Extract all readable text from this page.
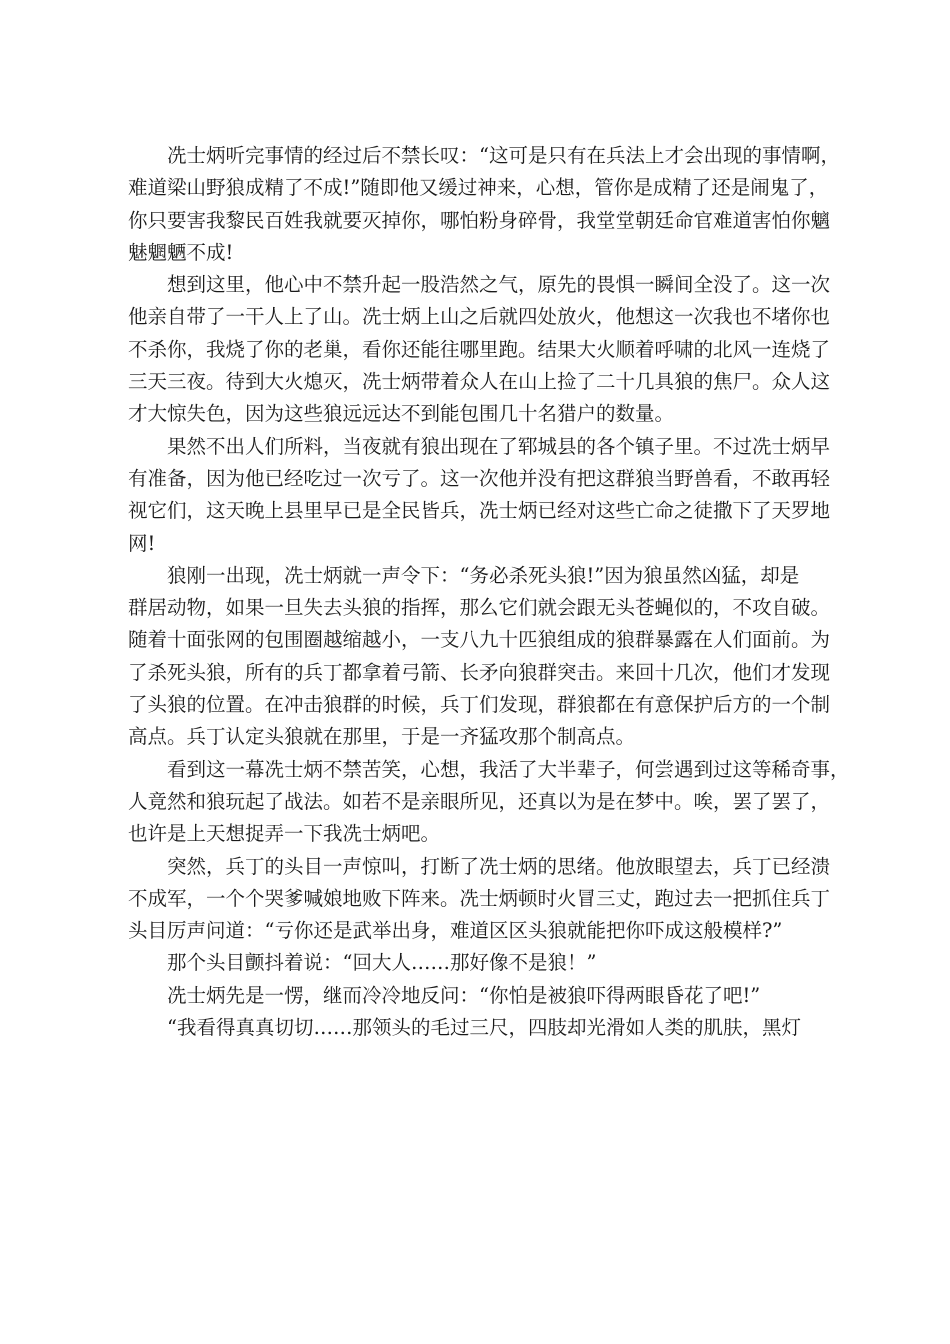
冼士炳听完事情的经过后不禁长叹：“这可是只有在兵法上才会出现的事情啊，
难道梁山野狼成精了不成!”随即他又缓过神来，心想，管你是成精了还是闹鬼了，
你只要害我黎民百姓我就要灭掉你，哪怕粉身碎骨，我堂堂朝廷命官难道害怕你魑
魅魍魉不成!
想到这里，他心中不禁升起一股浩然之气，原先的畏惧一瞬间全没了。这一次
他亲自带了一干人上了山。冼士炳上山之后就四处放火，他想这一次我也不堵你也
不杀你，我烧了你的老巢，看你还能往哪里跑。结果大火顺着呼啸的北风一连烧了
三天三夜。待到大火熄灭，冼士炳带着众人在山上捡了二十几具狼的焦尸。众人这
才大惊失色，因为这些狼远远达不到能包围几十名猎户的数量。
果然不出人们所料，当夜就有狼出现在了郓城县的各个镇子里。不过冼士炳早
有准备，因为他已经吃过一次亏了。这一次他并没有把这群狼当野兽看，不敢再轻
视它们，这天晚上县里早已是全民皆兵，冼士炳已经对这些亡命之徒撒下了天罗地
网!
狼刚一出现，冼士炳就一声令下：“务必杀死头狼!”因为狼虽然凶猛，却是
群居动物，如果一旦失去头狼的指挥，那么它们就会跟无头苍蝇似的，不攻自破。
随着十面张网的包围圈越缩越小，一支八九十匹狼组成的狼群暴露在人们面前。为
了杀死头狼，所有的兵丁都拿着弓箭、长矛向狼群突击。来回十几次，他们才发现
了头狼的位置。在冲击狼群的时候，兵丁们发现，群狼都在有意保护后方的一个制
高点。兵丁认定头狼就在那里，于是一齐猛攻那个制高点。
看到这一幕冼士炳不禁苦笑，心想，我活了大半辈子，何尝遇到过这等稀奇事，
人竟然和狼玩起了战法。如若不是亲眼所见，还真以为是在梦中。唉，罢了罢了，
也许是上天想捉弄一下我冼士炳吧。
突然，兵丁的头目一声惊叫，打断了冼士炳的思绪。他放眼望去，兵丁已经溃
不成军，一个个哭爹喊娘地败下阵来。冼士炳顿时火冒三丈，跑过去一把抓住兵丁
头目厉声问道：“亏你还是武举出身，难道区区头狼就能把你吓成这般模样?”
那个头目颤抖着说：“回大人……那好像不是狼！”
冼士炳先是一愣，继而冷冷地反问：“你怕是被狼吓得两眼昏花了吧!”
“我看得真真切切……那领头的毛过三尺，四肢却光滑如人类的肌肤，黑灯
